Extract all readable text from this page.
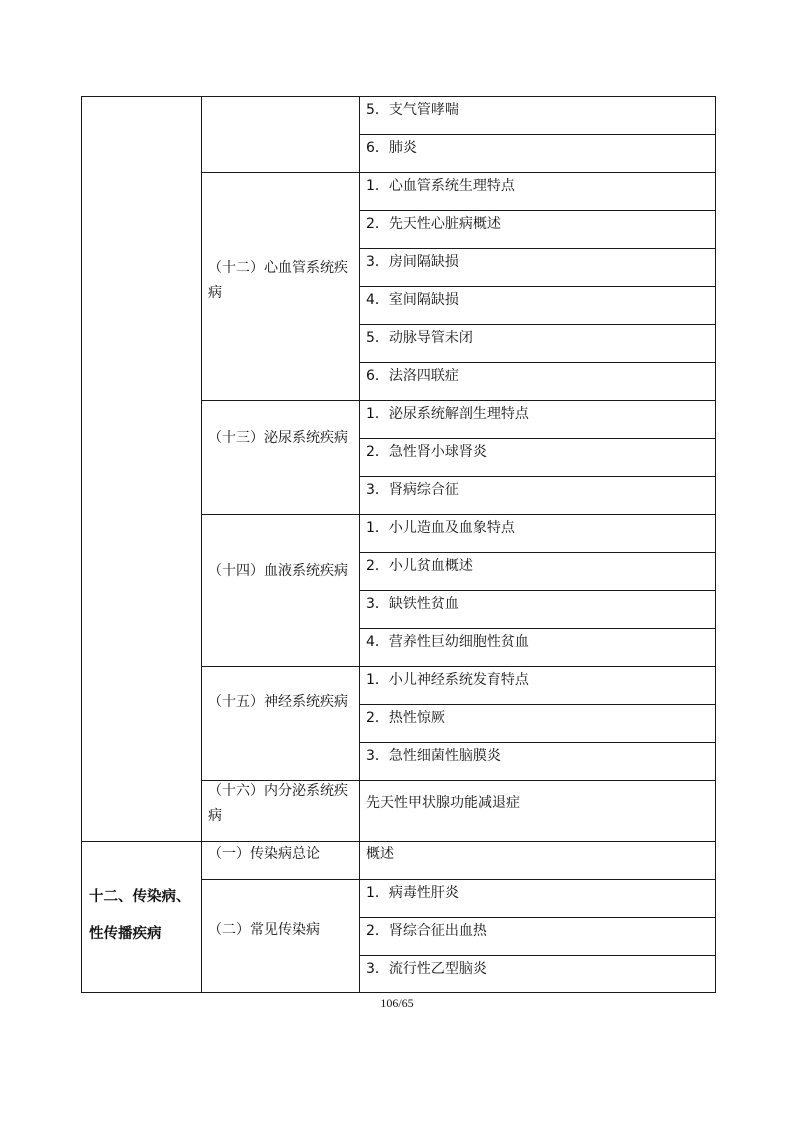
5．支气管哮喘
6．肺炎
（十二）心血管系统疾病
1．心血管系统生理特点
2．先天性心脏病概述
3．房间隔缺损
4．室间隔缺损
5．动脉导管未闭
6．法洛四联症
（十三）泌尿系统疾病
1．泌尿系统解剖生理特点
2．急性肾小球肾炎
3．肾病综合征
（十四）血液系统疾病
1．小儿造血及血象特点
2．小儿贫血概述
3．缺铁性贫血
4．营养性巨幼细胞性贫血
（十五）神经系统疾病
1．小儿神经系统发育特点
2．热性惊厥
3．急性细菌性脑膜炎
（十六）内分泌系统疾病
先天性甲状腺功能减退症
十二、传染病、
性传播疾病
（一）传染病总论	概述
（二）常见传染病
1．病毒性肝炎
2．肾综合征出血热
3．流行性乙型脑炎
106/65
